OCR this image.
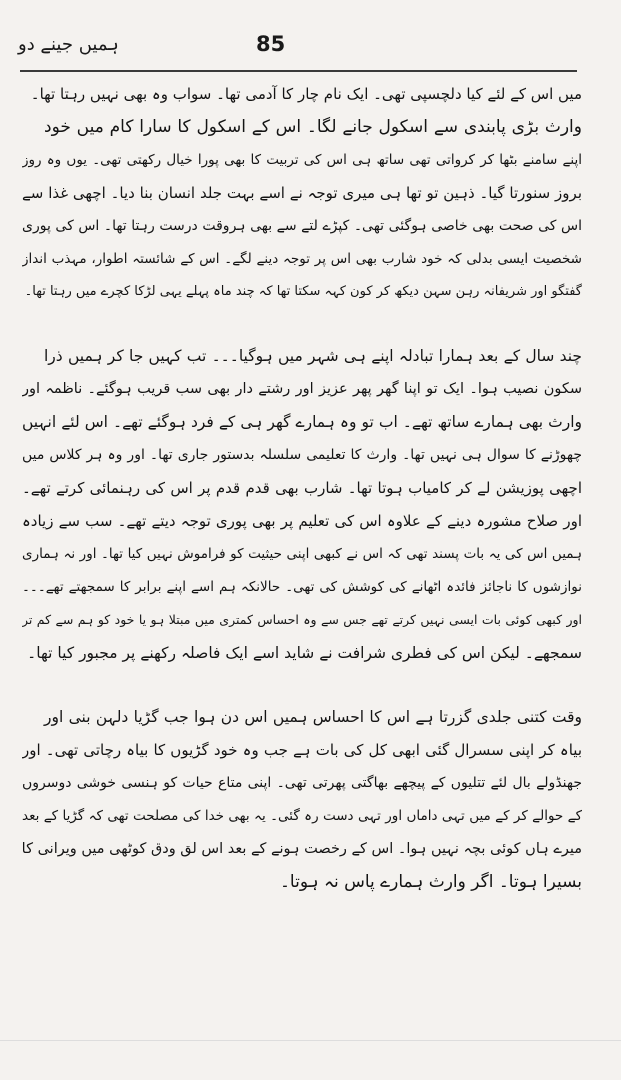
85
ہمیں جینے دو
میں اس کے لئے کیا دلچسپی تھی۔ ایک نام چار کا آدمی تھا۔ سواب وہ بھی نہیں رہتا تھا۔
وارث بڑی پابندی سے اسکول جانے لگا۔ اس کے اسکول کا سارا کام میں خود
اپنے سامنے بٹھا کر کرواتی تھی ساتھ ہی اس کی تربیت کا بھی پورا خیال رکھتی تھی۔ یوں وہ روز
بروز سنورتا گیا۔ ذہین تو تھا ہی میری توجہ نے اسے بہت جلد انسان بنا دیا۔ اچھی غذا سے
اس کی صحت بھی خاصی ہوگئی تھی۔ کپڑے لتے سے بھی ہروقت درست رہتا تھا۔ اس کی پوری
شخصیت ایسی بدلی کہ خود شارب بھی اس پر توجہ دینے لگے۔ اس کے شائستہ اطوار، مہذب انداز
گفتگو اور شریفانہ رہن سہن دیکھ کر کون کہہ سکتا تھا کہ چند ماہ پہلے یہی لڑکا کچرے میں رہتا تھا۔
چند سال کے بعد ہمارا تبادلہ اپنے ہی شہر میں ہوگیا۔۔۔ تب کہیں جا کر ہمیں ذرا
سکون نصیب ہوا۔ ایک تو اپنا گھر پھر عزیز اور رشتے دار بھی سب قریب ہوگئے۔ ناظمہ اور
وارث بھی ہمارے ساتھ تھے۔ اب تو وہ ہمارے گھر ہی کے فرد ہوگئے تھے۔ اس لئے انہیں
چھوڑنے کا سوال ہی نہیں تھا۔ وارث کا تعلیمی سلسلہ بدستور جاری تھا۔ اور وہ ہر کلاس میں
اچھی پوزیشن لے کر کامیاب ہوتا تھا۔ شارب بھی قدم قدم پر اس کی رہنمائی کرتے تھے۔
اور صلاح مشورہ دینے کے علاوہ اس کی تعلیم پر بھی پوری توجہ دیتے تھے۔ سب سے زیادہ
ہمیں اس کی یہ بات پسند تھی کہ اس نے کبھی اپنی حیثیت کو فراموش نہیں کیا تھا۔ اور نہ ہماری
نوازشوں کا ناجائز فائدہ اٹھانے کی کوشش کی تھی۔ حالانکہ ہم اسے اپنے برابر کا سمجھتے تھے۔۔۔
اور کبھی کوئی بات ایسی نہیں کرتے تھے جس سے وہ احساس کمتری میں مبتلا ہو یا خود کو ہم سے کم تر
سمجھے۔ لیکن اس کی فطری شرافت نے شاید اسے ایک فاصلہ رکھنے پر مجبور کیا تھا۔
وقت کتنی جلدی گزرتا ہے اس کا احساس ہمیں اس دن ہوا جب گڑیا دلہن بنی اور
بیاہ کر اپنی سسرال گئی ابھی کل کی بات ہے جب وہ خود گڑیوں کا بیاہ رچاتی تھی۔ اور
جھنڈولے بال لئے تتلیوں کے پیچھے بھاگتی پھرتی تھی۔ اپنی متاع حیات کو ہنسی خوشی دوسروں
کے حوالے کر کے میں تہی داماں اور تہی دست رہ گئی۔ یہ بھی خدا کی مصلحت تھی کہ گڑیا کے بعد
میرے ہاں کوئی بچہ نہیں ہوا۔ اس کے رخصت ہونے کے بعد اس لق ودق کوٹھی میں ویرانی کا
بسیرا ہوتا۔ اگر وارث ہمارے پاس نہ ہوتا۔
